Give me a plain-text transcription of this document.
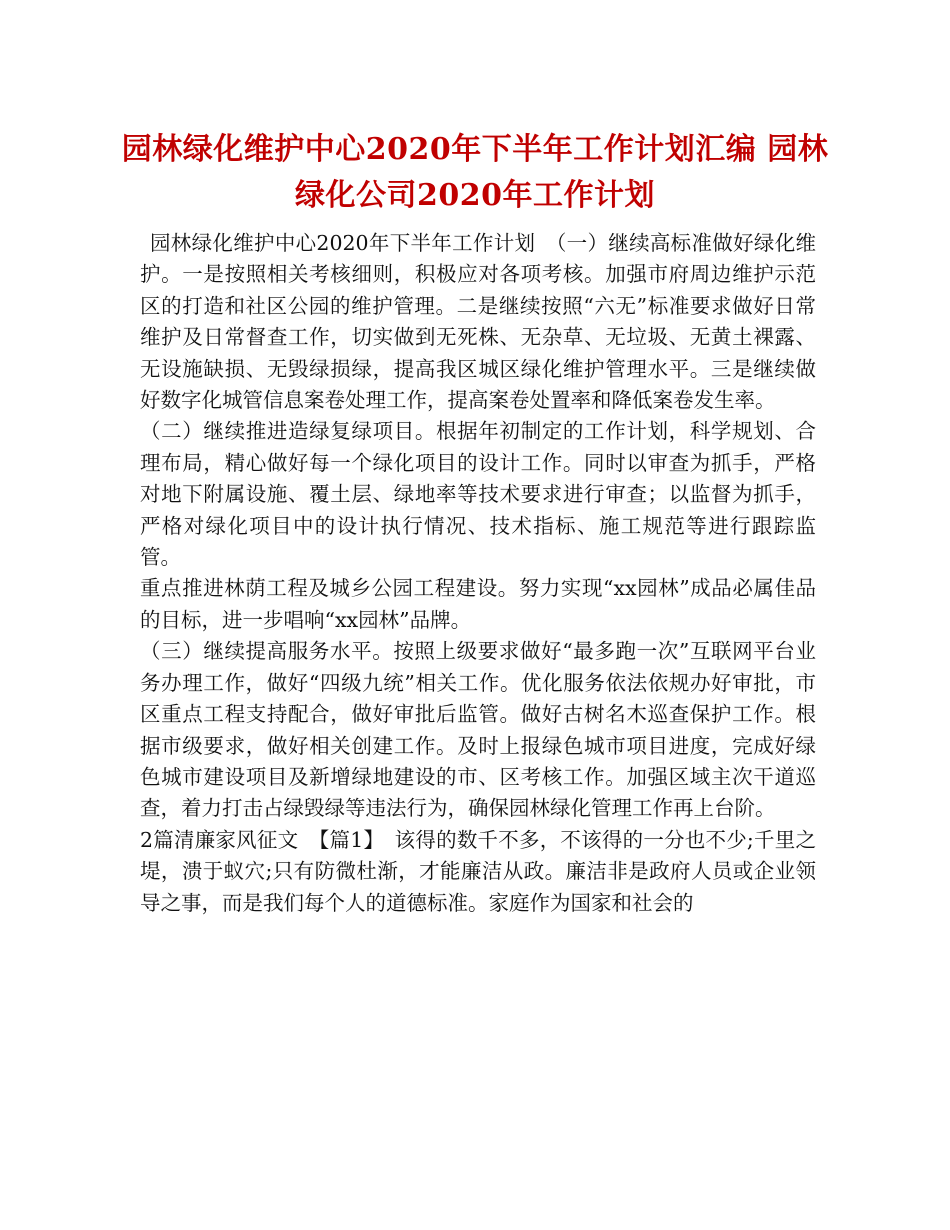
园林绿化维护中心2020年下半年工作计划汇编 园林绿化公司2020年工作计划

园林绿化维护中心2020年下半年工作计划　（一）继续高标准做好绿化维护。一是按照相关考核细则，积极应对各项考核。加强市府周边维护示范区的打造和社区公园的维护管理。二是继续按照“六无”标准要求做好日常维护及日常督查工作，切实做到无死株、无杂草、无垃圾、无黄土裸露、无设施缺损、无毁绿损绿，提高我区城区绿化维护管理水平。三是继续做好数字化城管信息案卷处理工作，提高案卷处置率和降低案卷发生率。

（二）继续推进造绿复绿项目。根据年初制定的工作计划，科学规划、合理布局，精心做好每一个绿化项目的设计工作。同时以审查为抓手，严格对地下附属设施、覆土层、绿地率等技术要求进行审查；以监督为抓手，严格对绿化项目中的设计执行情况、技术指标、施工规范等进行跟踪监管。

重点推进林荫工程及城乡公园工程建设。努力实现“xx园林”成品必属佳品的目标，进一步唱响“xx园林”品牌。

（三）继续提高服务水平。按照上级要求做好“最多跑一次”互联网平台业务办理工作，做好“四级九统”相关工作。优化服务依法依规办好审批，市区重点工程支持配合，做好审批后监管。做好古树名木巡查保护工作。根据市级要求，做好相关创建工作。及时上报绿色城市项目进度，完成好绿色城市建设项目及新增绿地建设的市、区考核工作。加强区域主次干道巡查，着力打击占绿毁绿等违法行为，确保园林绿化管理工作再上台阶。

2篇清廉家风征文　【篇1】　该得的数千不多，不该得的一分也不少;千里之堤，溃于蚁穴;只有防微杜渐，才能廉洁从政。廉洁非是政府人员或企业领导之事，而是我们每个人的道德标准。家庭作为国家和社会的
